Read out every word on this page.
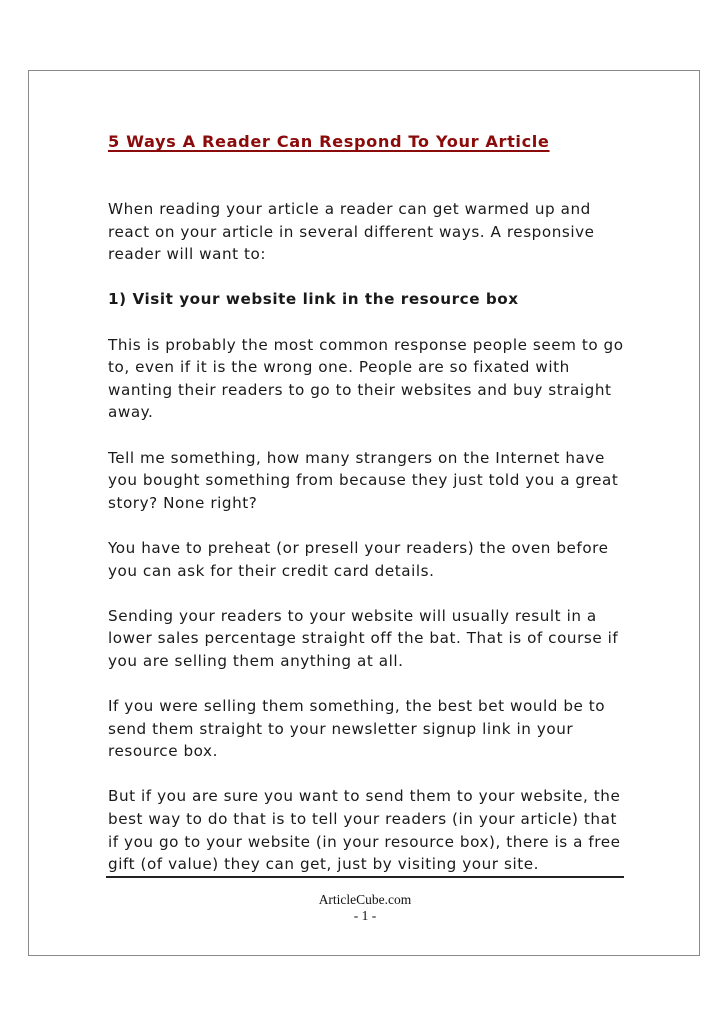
5 Ways A Reader Can Respond To Your Article

When reading your article a reader can get warmed up and react on your article in several different ways. A responsive reader will want to:

1) Visit your website link in the resource box

This is probably the most common response people seem to go to, even if it is the wrong one. People are so fixated with wanting their readers to go to their websites and buy straight away.

Tell me something, how many strangers on the Internet have you bought something from because they just told you a great story? None right?

You have to preheat (or presell your readers) the oven before you can ask for their credit card details.

Sending your readers to your website will usually result in a lower sales percentage straight off the bat. That is of course if you are selling them anything at all.

If you were selling them something, the best bet would be to send them straight to your newsletter signup link in your resource box.

But if you are sure you want to send them to your website, the best way to do that is to tell your readers (in your article) that if you go to your website (in your resource box), there is a free gift (of value) they can get, just by visiting your site.

ArticleCube.com
- 1 -
